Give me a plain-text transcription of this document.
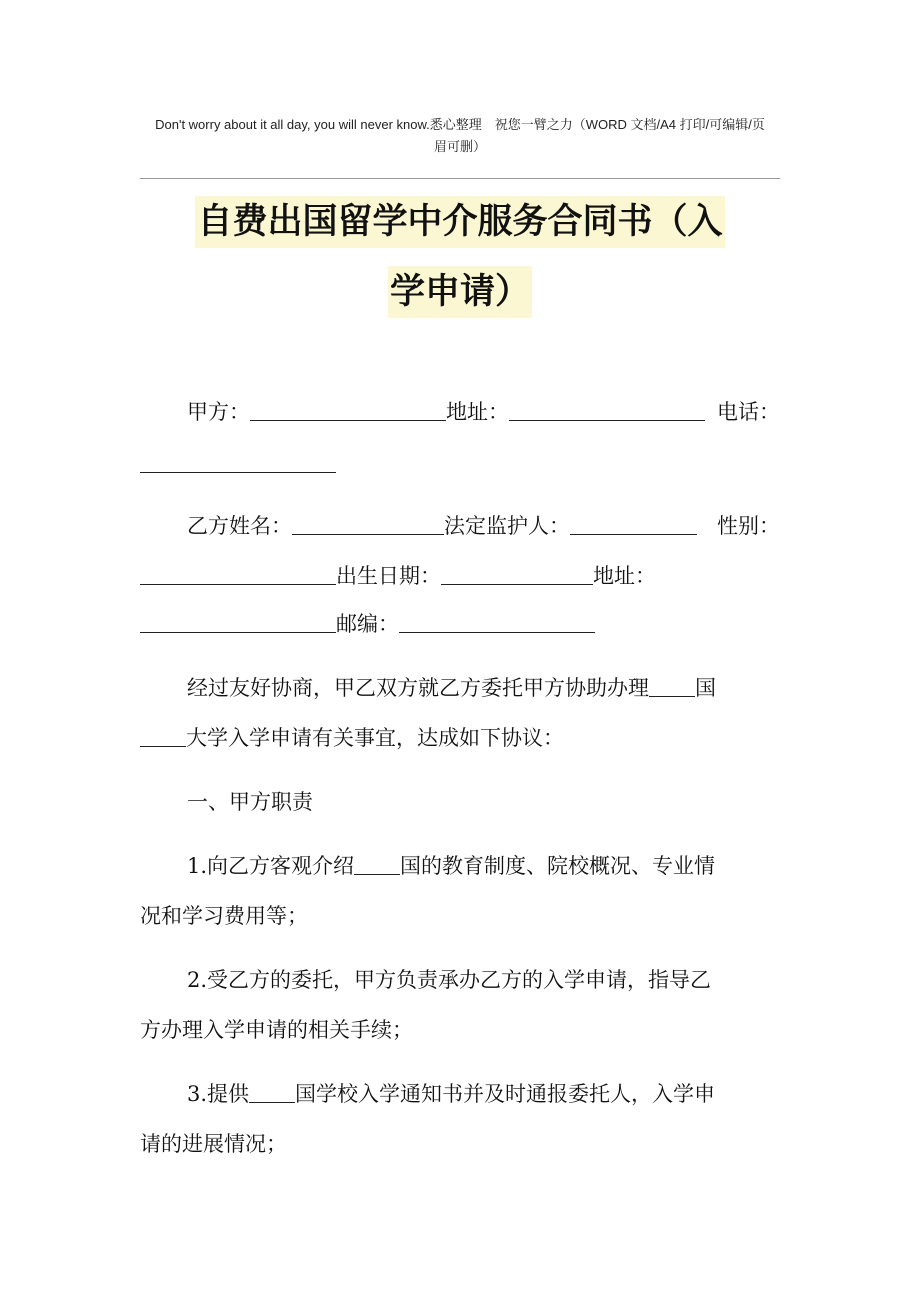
Don't worry about it all day, you will never know.悉心整理　祝您一臂之力（WORD 文档/A4 打印/可编辑/页
眉可删）
自费出国留学中介服务合同书（入
学申请）
甲方：	地址：	电话：
乙方姓名：	法定监护人：	性别：
出生日期：	地址：
邮编：
经过友好协商，甲乙双方就乙方委托甲方协助办理 国
大学入学申请有关事宜，达成如下协议：
一、甲方职责
1.向乙方客观介绍 国的教育制度、院校概况、专业情
况和学习费用等；
2.受乙方的委托，甲方负责承办乙方的入学申请，指导乙
方办理入学申请的相关手续；
3.提供 国学校入学通知书并及时通报委托人，入学申
请的进展情况；
